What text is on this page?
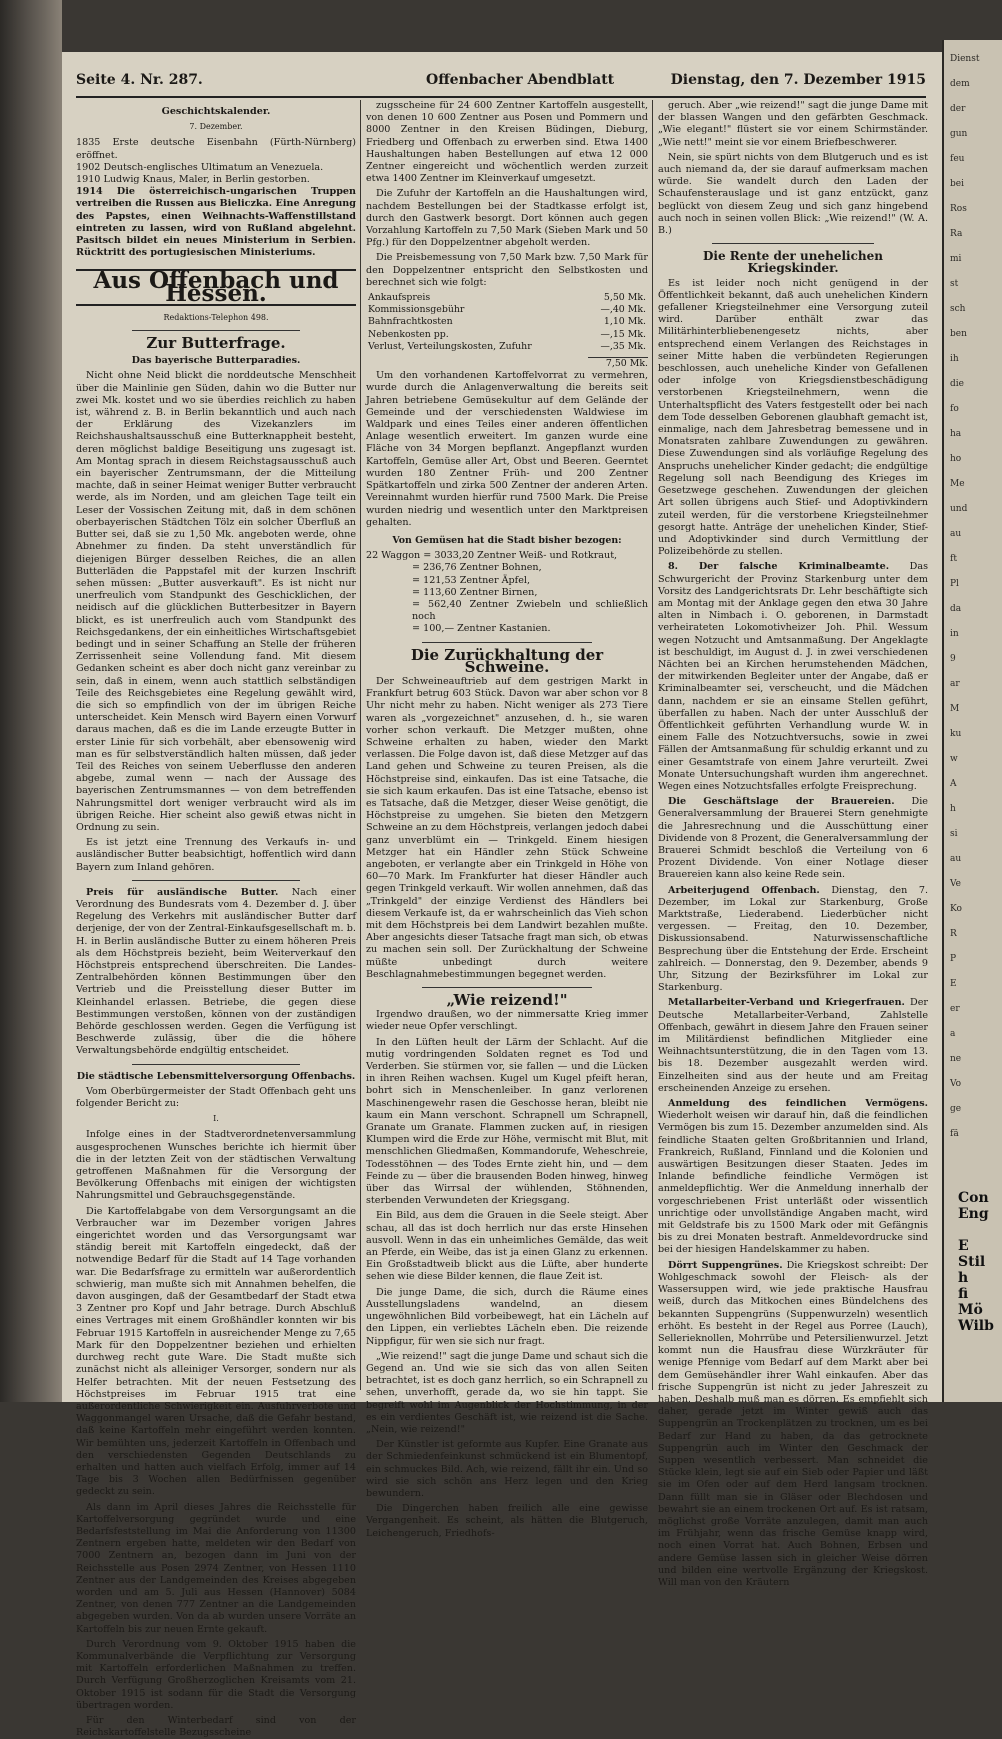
Seite 4. Nr. 287.	Offenbacher Abendblatt	Dienstag, den 7. Dezember 1915
Geschichtskalender.
7. Dezember.

1835 Erste deutsche Eisenbahn (Fürth-Nürnberg) eröffnet.

1902 Deutsch-englisches Ultimatum an Venezuela.

1910 Ludwig Knaus, Maler, in Berlin gestorben.

1914 Die österreichisch-ungarischen Truppen vertreiben die Russen aus Bieliczka. Eine Anregung des Papstes, einen Weihnachts-Waffenstillstand eintreten zu lassen, wird von Rußland abgelehnt. Pasitsch bildet ein neues Ministerium in Serbien. Rücktritt des portugiesischen Ministeriums.

Aus Offenbach und Hessen.
Redaktions-Telephon 498.
Zur Butterfrage.
Das bayerische Butterparadies.

Nicht ohne Neid blickt die norddeutsche Menschheit über die Mainlinie gen Süden, dahin wo die Butter nur zwei Mk. kostet und wo sie überdies reichlich zu haben ist, während z. B. in Berlin bekanntlich und auch nach der Erklärung des Vizekanzlers im Reichshaushaltsausschuß eine Butterknappheit besteht, deren möglichst baldige Beseitigung uns zugesagt ist. Am Montag sprach in diesem Reichstagsausschuß auch ein bayerischer Zentrumsmann, der die Mitteilung machte, daß in seiner Heimat weniger Butter verbraucht werde, als im Norden, und am gleichen Tage teilt ein Leser der Vossischen Zeitung mit, daß in dem schönen oberbayerischen Städtchen Tölz ein solcher Überfluß an Butter sei, daß sie zu 1,50 Mk. angeboten werde, ohne Abnehmer zu finden. Da steht unverständlich für diejenigen Bürger desselben Reiches, die an allen Butterläden die Pappstafel mit der kurzen Inschrift sehen müssen: „Butter ausverkauft". Es ist nicht nur unerfreulich vom Standpunkt des Geschicklichen, der neidisch auf die glücklichen Butterbesitzer in Bayern blickt, es ist unerfreulich auch vom Standpunkt des Reichsgedankens, der ein einheitliches Wirtschaftsgebiet bedingt und in seiner Schaffung an Stelle der früheren Zerrissenheit seine Vollendung fand. Mit diesem Gedanken scheint es aber doch nicht ganz vereinbar zu sein, daß in einem, wenn auch stattlich selbständigen Teile des Reichsgebietes eine Regelung gewählt wird, die sich so empfindlich von der im übrigen Reiche unterscheidet. Kein Mensch wird Bayern einen Vorwurf daraus machen, daß es die im Lande erzeugte Butter in erster Linie für sich vorbehält, aber ebensowenig wird man es für selbstverständlich halten müssen, daß jeder Teil des Reiches von seinem Ueberflusse den anderen abgebe, zumal wenn — nach der Aussage des bayerischen Zentrumsmannes — von dem betreffenden Nahrungsmittel dort weniger verbraucht wird als im übrigen Reiche. Hier scheint also gewiß etwas nicht in Ordnung zu sein.

Es ist jetzt eine Trennung des Verkaufs in- und ausländischer Butter beabsichtigt, hoffentlich wird dann Bayern zum Inland gehören.

Preis für ausländische Butter. Nach einer Verordnung des Bundesrats vom 4. Dezember d. J. über Regelung des Verkehrs mit ausländischer Butter darf derjenige, der von der Zentral-Einkaufsgesellschaft m. b. H. in Berlin ausländische Butter zu einem höheren Preis als dem Höchstpreis bezieht, beim Weiterverkauf den Höchstpreis entsprechend überschreiten. Die Landes-Zentralbehörden können Bestimmungen über den Vertrieb und die Preisstellung dieser Butter im Kleinhandel erlassen. Betriebe, die gegen diese Bestimmungen verstoßen, können von der zuständigen Behörde geschlossen werden. Gegen die Verfügung ist Beschwerde zulässig, über die die höhere Verwaltungsbehörde endgültig entscheidet.

Die städtische Lebensmittelversorgung Offenbachs.

Vom Oberbürgermeister der Stadt Offenbach geht uns folgender Bericht zu:

I.

Infolge eines in der Stadtverordnetenversammlung ausgesprochenen Wunsches berichte ich hiermit über die in der letzten Zeit von der städtischen Verwaltung getroffenen Maßnahmen für die Versorgung der Bevölkerung Offenbachs mit einigen der wichtigsten Nahrungsmittel und Gebrauchsgegenstände.

Die Kartoffelabgabe von dem Versorgungsamt an die Verbraucher war im Dezember vorigen Jahres eingerichtet worden und das Versorgungsamt war ständig bereit mit Kartoffeln eingedeckt, daß der notwendige Bedarf für die Stadt auf 14 Tage vorhanden war. Die Bedarfsfrage zu ermitteln war außerordentlich schwierig, man mußte sich mit Annahmen behelfen, die davon ausgingen, daß der Gesamtbedarf der Stadt etwa 3 Zentner pro Kopf und Jahr betrage. Durch Abschluß eines Vertrages mit einem Großhändler konnten wir bis Februar 1915 Kartoffeln in ausreichender Menge zu 7,65 Mark für den Doppelzentner beziehen und erhielten durchweg recht gute Ware. Die Stadt mußte sich zunächst nicht als alleiniger Versorger, sondern nur als Helfer betrachten. Mit der neuen Festsetzung des Höchstpreises im Februar 1915 trat eine außerordentliche Schwierigkeit ein. Ausfuhrverbote und Waggonmangel waren Ursache, daß die Gefahr bestand, daß keine Kartoffeln mehr eingeführt werden konnten. Wir bemühten uns, jederzeit Kartoffeln in Offenbach und den verschiedensten Gegenden Deutschlands zu erhalten und hatten auch vielfach Erfolg, immer auf 14 Tage bis 3 Wochen allen Bedürfnissen gegenüber gedeckt zu sein.

Als dann im April dieses Jahres die Reichsstelle für Kartoffelversorgung gegründet wurde und eine Bedarfsfeststellung im Mai die Anforderung von 11300 Zentnern ergeben hatte, meldeten wir den Bedarf von 7000 Zentnern an, bezogen dann im Juni von der Reichsstelle aus Posen 2974 Zentner, von Hessen 1110 Zentner aus der Landgemeinden des Kreises abgegeben worden und am 5. Juli aus Hessen (Hannover) 5084 Zentner, von denen 777 Zentner an die Landgemeinden abgegeben wurden. Von da ab wurden unsere Vorräte an Kartoffeln bis zur neuen Ernte gekauft.

Durch Verordnung vom 9. Oktober 1915 haben die Kommunalverbände die Verpflichtung zur Versorgung mit Kartoffeln erforderlichen Maßnahmen zu treffen. Durch Verfügung Großherzoglichen Kreisamts vom 21. Oktober 1915 ist sodann für die Stadt die Versorgung übertragen worden.

Für den Winterbedarf sind von der Reichskartoffelstelle Bezugsscheine

zugsscheine für 24 600 Zentner Kartoffeln ausgestellt, von denen 10 600 Zentner aus Posen und Pommern und 8000 Zentner in den Kreisen Büdingen, Dieburg, Friedberg und Offenbach zu erwerben sind. Etwa 1400 Haushaltungen haben Bestellungen auf etwa 12 000 Zentner eingereicht und wöchentlich werden zurzeit etwa 1400 Zentner im Kleinverkauf umgesetzt.

Die Zufuhr der Kartoffeln an die Haushaltungen wird, nachdem Bestellungen bei der Stadtkasse erfolgt ist, durch den Gastwerk besorgt. Dort können auch gegen Vorzahlung Kartoffeln zu 7,50 Mark (Sieben Mark und 50 Pfg.) für den Doppelzentner abgeholt werden.

Die Preisbemessung von 7,50 Mark bzw. 7,50 Mark für den Doppelzentner entspricht den Selbstkosten und berechnet sich wie folgt:

Ankaufspreis	5,50 Mk.
Kommissionsgebühr	—,40 Mk.
Bahnfrachtkosten	1,10 Mk.
Nebenkosten pp.	—,15 Mk.
Verlust, Verteilungskosten, Zufuhr	—,35 Mk.
7,50 Mk.

Um den vorhandenen Kartoffelvorrat zu vermehren, wurde durch die Anlagenverwaltung die bereits seit Jahren betriebene Gemüsekultur auf dem Gelände der Gemeinde und der verschiedensten Waldwiese im Waldpark und eines Teiles einer anderen öffentlichen Anlage wesentlich erweitert. Im ganzen wurde eine Fläche von 34 Morgen bepflanzt. Angepflanzt wurden Kartoffeln, Gemüse aller Art, Obst und Beeren. Geerntet wurden 180 Zentner Früh- und 200 Zentner Spätkartoffeln und zirka 500 Zentner der anderen Arten. Vereinnahmt wurden hierfür rund 7500 Mark. Die Preise wurden niedrig und wesentlich unter den Marktpreisen gehalten.

Von Gemüsen hat die Stadt bisher bezogen:

22 Waggon = 3033,20 Zentner Weiß- und Rotkraut,

= 236,76 Zentner Bohnen,

= 121,53 Zentner Äpfel,

= 113,60 Zentner Birnen,

= 562,40 Zentner Zwiebeln und schließlich noch

= 100,— Zentner Kastanien.

Die Zurückhaltung der Schweine.

Der Schweineauftrieb auf dem gestrigen Markt in Frankfurt betrug 603 Stück. Davon war aber schon vor 8 Uhr nicht mehr zu haben. Nicht weniger als 273 Tiere waren als „vorgezeichnet" anzusehen, d. h., sie waren vorher schon verkauft. Die Metzger mußten, ohne Schweine erhalten zu haben, wieder den Markt verlassen. Die Folge davon ist, daß diese Metzger auf das Land gehen und Schweine zu teuren Preisen, als die Höchstpreise sind, einkaufen. Das ist eine Tatsache, die sie sich kaum erkaufen. Das ist eine Tatsache, ebenso ist es Tatsache, daß die Metzger, dieser Weise genötigt, die Höchstpreise zu umgehen. Sie bieten den Metzgern Schweine an zu dem Höchstpreis, verlangen jedoch dabei ganz unverblümt ein — Trinkgeld. Einem hiesigen Metzger hat ein Händler zehn Stück Schweine angeboten, er verlangte aber ein Trinkgeld in Höhe von 60—70 Mark. Im Frankfurter hat dieser Händler auch gegen Trinkgeld verkauft. Wir wollen annehmen, daß das „Trinkgeld" der einzige Verdienst des Händlers bei diesem Verkaufe ist, da er wahrscheinlich das Vieh schon mit dem Höchstpreis bei dem Landwirt bezahlen mußte. Aber angesichts dieser Tatsache fragt man sich, ob etwas zu machen sein soll. Der Zurückhaltung der Schweine müßte unbedingt durch weitere Beschlagnahmebestimmungen begegnet werden.

„Wie reizend!"

Irgendwo draußen, wo der nimmersatte Krieg immer wieder neue Opfer verschlingt.

In den Lüften heult der Lärm der Schlacht. Auf die mutig vordringenden Soldaten regnet es Tod und Verderben. Sie stürmen vor, sie fallen — und die Lücken in ihren Reihen wachsen. Kugel um Kugel pfeift heran, bohrt sich in Menschenleiber. In ganz verlorenen Maschinengewehr rasen die Geschosse heran, bleibt nie kaum ein Mann verschont. Schrapnell um Schrapnell, Granate um Granate. Flammen zucken auf, in riesigen Klumpen wird die Erde zur Höhe, vermischt mit Blut, mit menschlichen Gliedmaßen, Kommandorufe, Weheschreie, Todesstöhnen — des Todes Ernte zieht hin, und — dem Feinde zu — über die brausenden Boden hinweg, hinweg über das Wirrsal der wühlenden, Stöhnenden, sterbenden Verwundeten der Kriegsgang.

Ein Bild, aus dem die Grauen in die Seele steigt. Aber schau, all das ist doch herrlich nur das erste Hinsehen ausvoll. Wenn in das ein unheimliches Gemälde, das weit an Pferde, ein Weibe, das ist ja einen Glanz zu erkennen. Ein Großstadtweib blickt aus die Lüfte, aber hunderte sehen wie diese Bilder kennen, die flaue Zeit ist.

Die junge Dame, die sich, durch die Räume eines Ausstellungsladens wandelnd, an diesem ungewöhnlichen Bild vorbeibewegt, hat ein Lächeln auf den Lippen, ein verliebtes Lächeln eben. Die reizende Nippfigur, für wen sie sich nur fragt.

„Wie reizend!" sagt die junge Dame und schaut sich die Gegend an. Und wie sie sich das von allen Seiten betrachtet, ist es doch ganz herrlich, so ein Schrapnell zu sehen, unverhofft, gerade da, wo sie hin tappt. Sie begreift wohl im Augenblick der Hochstimmung, in der es ein verdientes Geschäft ist, wie reizend ist die Sache. „Nein, wie reizend!"

Der Künstler ist geformte aus Kupfer. Eine Granate aus der Schmiedenfeinkunst schmückend ist ein Blumentopf, ein schmuckes Bild. Ach, wie reizend, fällt ihr ein. Und so wird sie sich schön ans Herz legen und den Krieg bewundern.

Die Dingerchen haben freilich alle eine gewisse Vergangenheit. Es scheint, als hätten die Blutgeruch, Leichengeruch, Friedhofs-

geruch. Aber „wie reizend!" sagt die junge Dame mit der blassen Wangen und den gefärbten Geschmack. „Wie elegant!" flüstert sie vor einem Schirmständer. „Wie nett!" meint sie vor einem Briefbeschwerer.

Nein, sie spürt nichts von dem Blutgeruch und es ist auch niemand da, der sie darauf aufmerksam machen würde. Sie wandelt durch den Laden der Schaufensterauslage und ist ganz entzückt, ganz beglückt von diesem Zeug und sich ganz hingebend auch noch in seinen vollen Blick: „Wie reizend!" (W. A. B.)

Die Rente der unehelichen Kriegskinder.

Es ist leider noch nicht genügend in der Öffentlichkeit bekannt, daß auch unehelichen Kindern gefallener Kriegsteilnehmer eine Versorgung zuteil wird. Darüber enthält zwar das Militärhinterbliebenengesetz nichts, aber entsprechend einem Verlangen des Reichstages in seiner Mitte haben die verbündeten Regierungen beschlossen, auch uneheliche Kinder von Gefallenen oder infolge von Kriegsdienstbeschädigung verstorbenen Kriegsteilnehmern, wenn die Unterhaltspflicht des Vaters festgestellt oder bei nach dem Tode desselben Geborenen glaubhaft gemacht ist, einmalige, nach dem Jahresbetrag bemessene und in Monatsraten zahlbare Zuwendungen zu gewähren. Diese Zuwendungen sind als vorläufige Regelung des Anspruchs unehelicher Kinder gedacht; die endgültige Regelung soll nach Beendigung des Krieges im Gesetzwege geschehen. Zuwendungen der gleichen Art sollen übrigens auch Stief- und Adoptivkindern zuteil werden, für die verstorbene Kriegsteilnehmer gesorgt hatte. Anträge der unehelichen Kinder, Stief- und Adoptivkinder sind durch Vermittlung der Polizeibehörde zu stellen.

8. Der falsche Kriminalbeamte. Das Schwurgericht der Provinz Starkenburg unter dem Vorsitz des Landgerichtsrats Dr. Lehr beschäftigte sich am Montag mit der Anklage gegen den etwa 30 Jahre alten in Nimbach i. O. geborenen, in Darmstadt verheirateten Lokomotivheizer Joh. Phil. Wessum wegen Notzucht und Amtsanmaßung. Der Angeklagte ist beschuldigt, im August d. J. in zwei verschiedenen Nächten bei an Kirchen herumstehenden Mädchen, der mitwirkenden Begleiter unter der Angabe, daß er Kriminalbeamter sei, verscheucht, und die Mädchen dann, nachdem er sie an einsame Stellen geführt, überfallen zu haben. Nach der unter Ausschluß der Öffentlichkeit geführten Verhandlung wurde W. in einem Falle des Notzuchtversuchs, sowie in zwei Fällen der Amtsanmaßung für schuldig erkannt und zu einer Gesamtstrafe von einem Jahre verurteilt. Zwei Monate Untersuchungshaft wurden ihm angerechnet. Wegen eines Notzuchtsfalles erfolgte Freisprechung.

Die Geschäftslage der Brauereien. Die Generalversammlung der Brauerei Stern genehmigte die Jahresrechnung und die Ausschüttung einer Dividende von 8 Prozent, die Generalversammlung der Brauerei Schmidt beschloß die Verteilung von 6 Prozent Dividende. Von einer Notlage dieser Brauereien kann also keine Rede sein.

Arbeiterjugend Offenbach. Dienstag, den 7. Dezember, im Lokal zur Starkenburg, Große Marktstraße, Liederabend. Liederbücher nicht vergessen. — Freitag, den 10. Dezember, Diskussionsabend. Naturwissenschaftliche Besprechung über die Entstehung der Erde. Erscheint zahlreich. — Donnerstag, den 9. Dezember, abends 9 Uhr, Sitzung der Bezirksführer im Lokal zur Starkenburg.

Metallarbeiter-Verband und Kriegerfrauen. Der Deutsche Metallarbeiter-Verband, Zahlstelle Offenbach, gewährt in diesem Jahre den Frauen seiner im Militärdienst befindlichen Mitglieder eine Weihnachtsunterstützung, die in den Tagen vom 13. bis 18. Dezember ausgezahlt werden wird. Einzelheiten sind aus der heute und am Freitag erscheinenden Anzeige zu ersehen.

Anmeldung des feindlichen Vermögens. Wiederholt weisen wir darauf hin, daß die feindlichen Vermögen bis zum 15. Dezember anzumelden sind. Als feindliche Staaten gelten Großbritannien und Irland, Frankreich, Rußland, Finnland und die Kolonien und auswärtigen Besitzungen dieser Staaten. Jedes im Inlande befindliche feindliche Vermögen ist anmeldepflichtig. Wer die Anmeldung innerhalb der vorgeschriebenen Frist unterläßt oder wissentlich unrichtige oder unvollständige Angaben macht, wird mit Geldstrafe bis zu 1500 Mark oder mit Gefängnis bis zu drei Monaten bestraft. Anmeldevordrucke sind bei der hiesigen Handelskammer zu haben.

Dörrt Suppengrünes. Die Kriegskost schreibt: Der Wohlgeschmack sowohl der Fleisch- als der Wassersuppen wird, wie jede praktische Hausfrau weiß, durch das Mitkochen eines Bündelchens des bekannten Suppengrüns (Suppenwurzeln) wesentlich erhöht. Es besteht in der Regel aus Porree (Lauch), Sellerieknollen, Mohrrübe und Petersilienwurzel. Jetzt kommt nun die Hausfrau diese Würzkräuter für wenige Pfennige vom Bedarf auf dem Markt aber bei dem Gemüsehändler ihrer Wahl einkaufen. Aber das frische Suppengrün ist nicht zu jeder Jahreszeit zu haben. Deshalb muß man es dörren. Es empfiehlt sich daher, gerade jetzt im Winter gewiß auch das Suppengrün an Trockenplätzen zu trocknen, um es bei Bedarf zur Hand zu haben, da das getrocknete Suppengrün auch im Winter den Geschmack der Suppen wesentlich verbessert. Man schneidet die Stücke klein, legt sie auf ein Sieb oder Papier und läßt sie im Ofen oder auf dem Herd langsam trocknen. Dann füllt man sie in Gläser oder Blechdosen und bewahrt sie an einem trockenen Ort auf. Es ist ratsam, möglichst große Vorräte anzulegen, damit man auch im Frühjahr, wenn das frische Gemüse knapp wird, noch einen Vorrat hat. Auch Bohnen, Erbsen und andere Gemüse lassen sich in gleicher Weise dörren und bilden eine wertvolle Ergänzung der Kriegskost. Will man von den Kräutern

Dienst
dem
der
gun
feu
bei
Ros
Ra
mi
st
sch
ben
ih
die
fo
ha
ho
Me
und
au
ft
Pl
da
in
9
ar
M
ku
w
A
h
si
au
Ve
Ko
R
P
E
er
a
ne
Vo
ge
fä
Con
Eng

E
Stil
h
fi
Mö
Wilb
